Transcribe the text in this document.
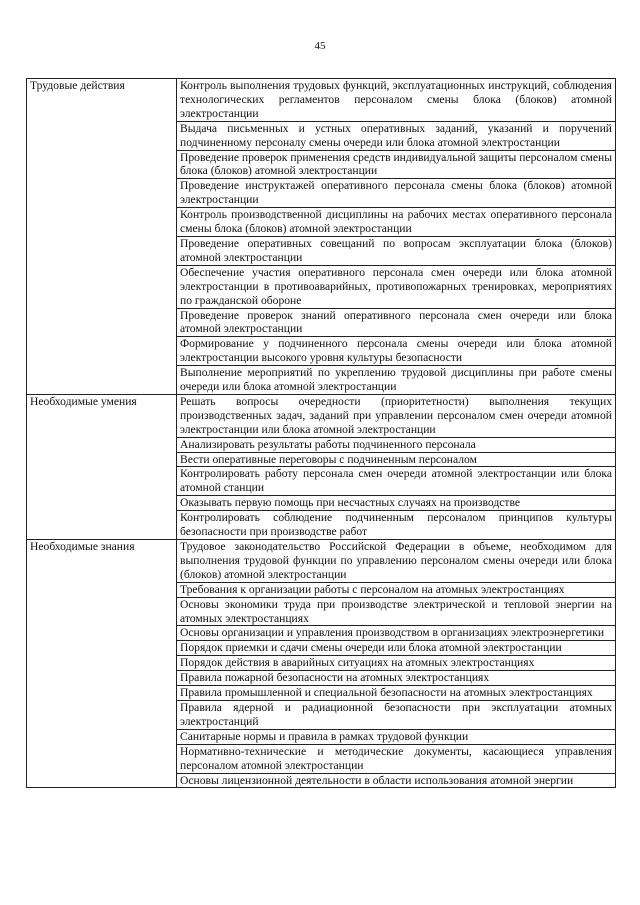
45
Трудовые действия	Контроль выполнения трудовых функций, эксплуатационных инструкций, соблюдения технологических регламентов персоналом смены блока (блоков) атомной электростанции
	Выдача письменных и устных оперативных заданий, указаний и поручений подчиненному персоналу смены очереди или блока атомной электростанции
	Проведение проверок применения средств индивидуальной защиты персоналом смены блока (блоков) атомной электростанции
	Проведение инструктажей оперативного персонала смены блока (блоков) атомной электростанции
	Контроль производственной дисциплины на рабочих местах оперативного персонала смены блока (блоков) атомной электростанции
	Проведение оперативных совещаний по вопросам эксплуатации блока (блоков) атомной электростанции
	Обеспечение участия оперативного персонала смен очереди или блока атомной электростанции в противоаварийных, противопожарных тренировках, мероприятиях по гражданской обороне
	Проведение проверок знаний оперативного персонала смен очереди или блока атомной электростанции
	Формирование у подчиненного персонала смены очереди или блока атомной электростанции высокого уровня культуры безопасности
	Выполнение мероприятий по укреплению трудовой дисциплины при работе смены очереди или блока атомной электростанции
Необходимые умения	Решать вопросы очередности (приоритетности) выполнения текущих производственных задач, заданий при управлении персоналом смен очереди атомной электростанции или блока атомной электростанции
	Анализировать результаты работы подчиненного персонала
	Вести оперативные переговоры с подчиненным персоналом
	Контролировать работу персонала смен очереди атомной электростанции или блока атомной станции
	Оказывать первую помощь при несчастных случаях на производстве
	Контролировать соблюдение подчиненным персоналом принципов культуры безопасности при производстве работ
Необходимые знания	Трудовое законодательство Российской Федерации в объеме, необходимом для выполнения трудовой функции по управлению персоналом смены очереди или блока (блоков) атомной электростанции
	Требования к организации работы с персоналом на атомных электростанциях
	Основы экономики труда при производстве электрической и тепловой энергии на атомных электростанциях
	Основы организации и управления производством в организациях электроэнергетики
	Порядок приемки и сдачи смены очереди или блока атомной электростанции
	Порядок действия в аварийных ситуациях на атомных электростанциях
	Правила пожарной безопасности на атомных электростанциях
	Правила промышленной и специальной безопасности на атомных электростанциях
	Правила ядерной и радиационной безопасности при эксплуатации атомных электростанций
	Санитарные нормы и правила в рамках трудовой функции
	Нормативно-технические и методические документы, касающиеся управления персоналом атомной электростанции
	Основы лицензионной деятельности в области использования атомной энергии
